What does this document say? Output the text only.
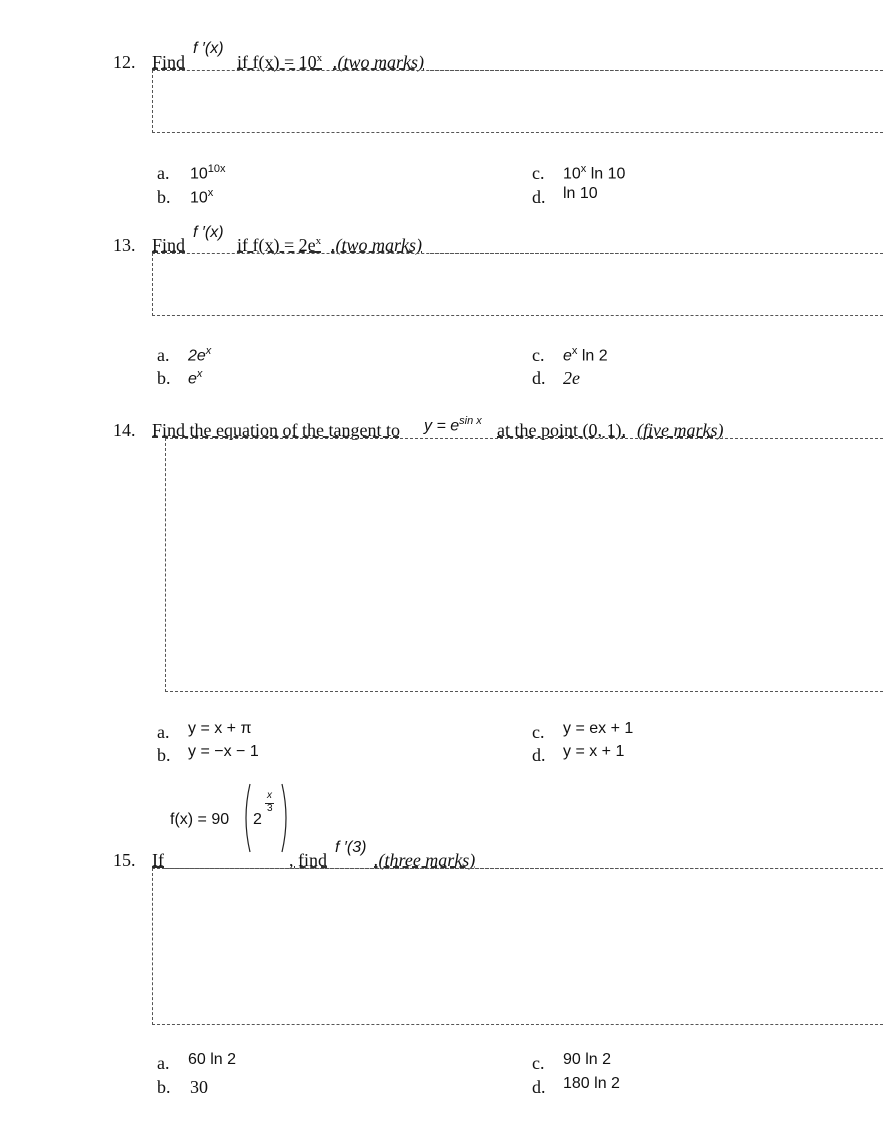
12. Find
f ′(x)
if $f(x) = 10^x$ .(two marks)
a. $10^{10x}$
b. 10$^x$
c. 10$^x$ ln 10
d. ln 10
13. Find
f ′(x)
if $f(x) = 2e^x$ .(two marks)
a. $2e^x$
b. $e^x$
c. $e^x$ ln 2
d. 2e
14. Find the equation of the tangent to $y = e^{sin x}$ at the point (0, 1). (five marks)
a. y = x + π
b. y = −x − 1
c. y = ex + 1
d. y = x + 1
15. If
f(x) = 90 2
x
3
, find
f ′(3)
.(three marks)
a. 60 ln 2
b. 30
c. 90 ln 2
d. 180 ln 2
